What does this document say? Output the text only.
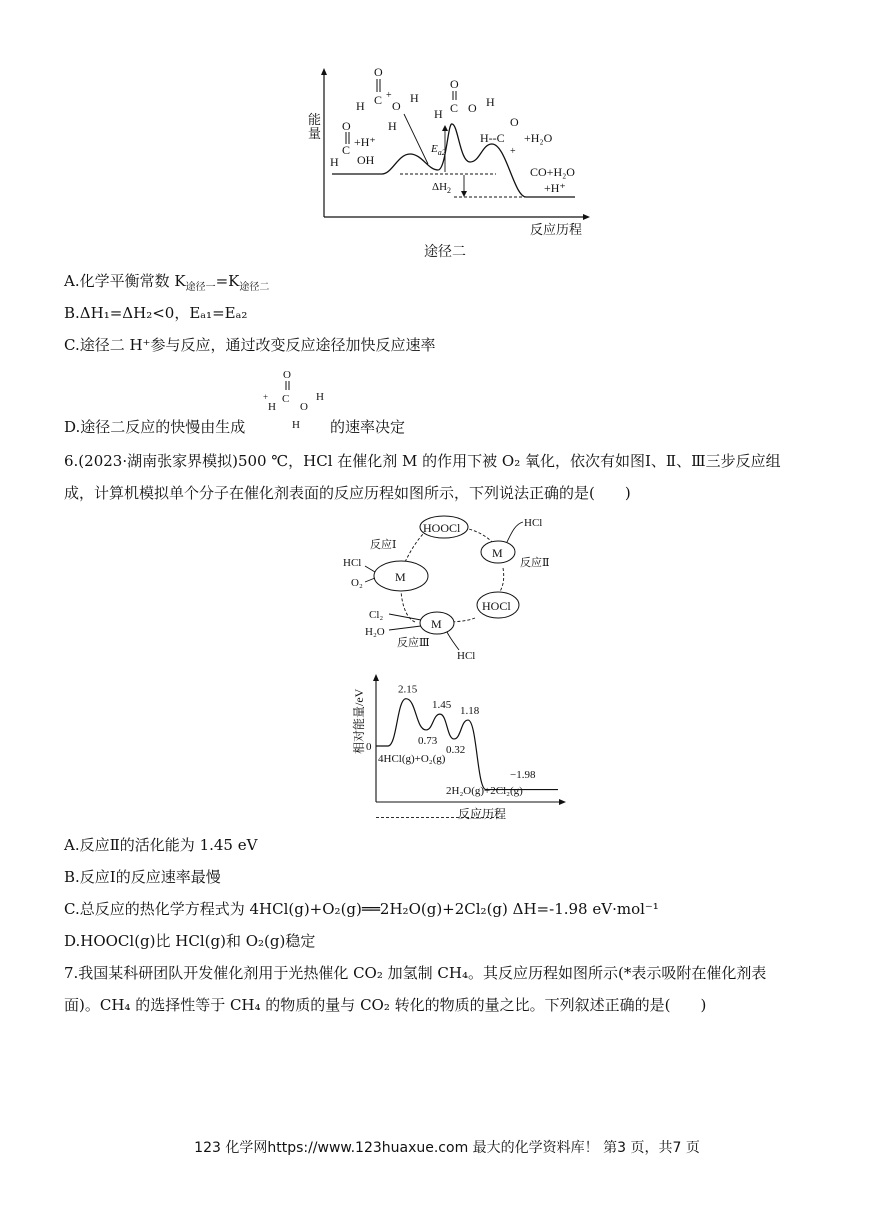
能
量
反应历程
$E_{a2}$
$\Delta H_2$
C
O
H OH
+H⁺
O
C
H O
H
H
+
O
C
H O H
H--C
O
+H₂O
+
CO+H₂O
+H⁺
途径二
A.化学平衡常数 $K_{途径一}=K_{途径二}$
B.ΔH₁=ΔH₂<0，Eₐ₁=Eₐ₂
C.途径二 H⁺参与反应，通过改变反应途径加快反应速率
D.途径二反应的快慢由生成
O
C
H
+
O
H
H 的速率决定
6.(2023·湖南张家界模拟)500 ℃，HCl 在催化剂 M 的作用下被 O₂ 氧化，依次有如图Ⅰ、Ⅱ、Ⅲ三步反应组
成，计算机模拟单个分子在催化剂表面的反应历程如图所示，下列说法正确的是(　　)
HOOCl
M
M
HOCl
M
反应Ⅰ
反应Ⅱ
反应Ⅲ
HCl
HCl
O₂
Cl₂
H₂O
HCl
相对能量/eV
反应历程
0
2.15
0.73
1.45
0.32
1.18
4HCl(g)+O₂(g)
2H₂O(g)+2Cl₂(g)
−1.98
A.反应Ⅱ的活化能为 1.45 eV
B.反应Ⅰ的反应速率最慢
C.总反应的热化学方程式为 4HCl(g)+O₂(g)══2H₂O(g)+2Cl₂(g) ΔH=-1.98 eV·mol⁻¹
D.HOOCl(g)比 HCl(g)和 O₂(g)稳定
7.我国某科研团队开发催化剂用于光热催化 CO₂ 加氢制 CH₄。其反应历程如图所示(*表示吸附在催化剂表
面)。CH₄ 的选择性等于 CH₄ 的物质的量与 CO₂ 转化的物质的量之比。下列叙述正确的是(　　)
123 化学网https://www.123huaxue.com 最大的化学资料库！ 第3 页，共7 页
